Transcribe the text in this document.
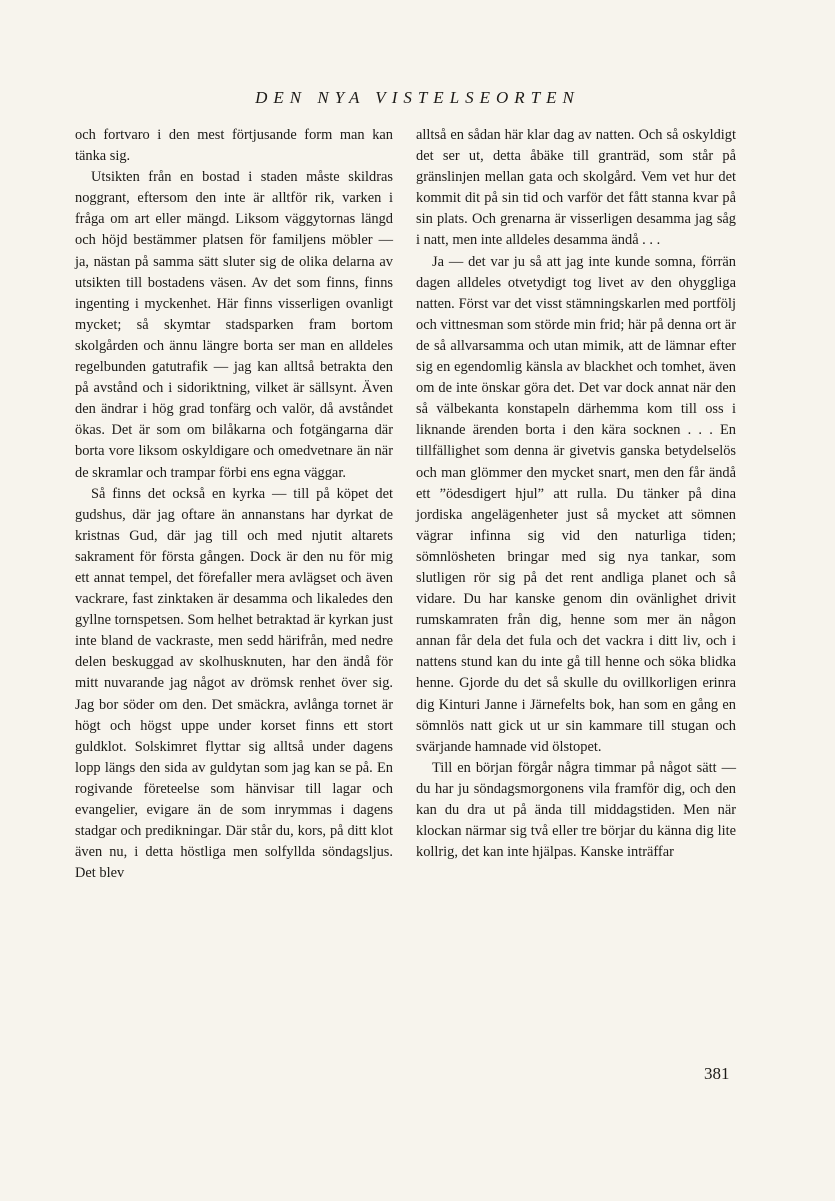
DEN NYA VISTELSEORTEN

och fortvaro i den mest förtjusande form man kan tänka sig.

Utsikten från en bostad i staden måste skildras noggrant, eftersom den inte är alltför rik, varken i fråga om art eller mängd. Liksom väggytornas längd och höjd bestämmer platsen för familjens möbler — ja, nästan på samma sätt sluter sig de olika delarna av utsikten till bostadens väsen. Av det som finns, finns ingenting i myckenhet. Här finns visserligen ovanligt mycket; så skymtar stadsparken fram bortom skolgården och ännu längre borta ser man en alldeles regelbunden gatutrafik — jag kan alltså betrakta den på avstånd och i sidoriktning, vilket är sällsynt. Även den ändrar i hög grad tonfärg och valör, då avståndet ökas. Det är som om bilåkarna och fotgängarna där borta vore liksom oskyldigare och omedvetnare än när de skramlar och trampar förbi ens egna väggar.

Så finns det också en kyrka — till på köpet det gudshus, där jag oftare än annanstans har dyrkat de kristnas Gud, där jag till och med njutit altarets sakrament för första gången. Dock är den nu för mig ett annat tempel, det förefaller mera avlägset och även vackrare, fast zinktaken är desamma och likaledes den gyllne tornspetsen. Som helhet betraktad är kyrkan just inte bland de vackraste, men sedd härifrån, med nedre delen beskuggad av skolhusknuten, har den ändå för mitt nuvarande jag något av drömsk renhet över sig. Jag bor söder om den. Det smäckra, avlånga tornet är högt och högst uppe under korset finns ett stort guldklot. Solskimret flyttar sig alltså under dagens lopp längs den sida av guldytan som jag kan se på. En rogivande företeelse som hänvisar till lagar och evangelier, evigare än de som inrymmas i dagens stadgar och predikningar. Där står du, kors, på ditt klot även nu, i detta höstliga men solfyllda söndagsljus. Det blev

alltså en sådan här klar dag av natten. Och så oskyldigt det ser ut, detta åbäke till granträd, som står på gränslinjen mellan gata och skolgård. Vem vet hur det kommit dit på sin tid och varför det fått stanna kvar på sin plats. Och grenarna är visserligen desamma jag såg i natt, men inte alldeles desamma ändå . . .

Ja — det var ju så att jag inte kunde somna, förrän dagen alldeles otvetydigt tog livet av den ohyggliga natten. Först var det visst stämningskarlen med portfölj och vittnesman som störde min frid; här på denna ort är de så allvarsamma och utan mimik, att de lämnar efter sig en egendomlig känsla av blackhet och tomhet, även om de inte önskar göra det. Det var dock annat när den så välbekanta konstapeln därhemma kom till oss i liknande ärenden borta i den kära socknen . . . En tillfällighet som denna är givetvis ganska betydelselös och man glömmer den mycket snart, men den får ändå ett ”ödesdigert hjul” att rulla. Du tänker på dina jordiska angelägenheter just så mycket att sömnen vägrar infinna sig vid den naturliga tiden; sömnlösheten bringar med sig nya tankar, som slutligen rör sig på det rent andliga planet och så vidare. Du har kanske genom din ovänlighet drivit rumskamraten från dig, henne som mer än någon annan får dela det fula och det vackra i ditt liv, och i nattens stund kan du inte gå till henne och söka blidka henne. Gjorde du det så skulle du ovillkorligen erinra dig Kinturi Janne i Järnefelts bok, han som en gång en sömnlös natt gick ut ur sin kammare till stugan och svärjande hamnade vid ölstopet.

Till en början förgår några timmar på något sätt — du har ju söndagsmorgonens vila framför dig, och den kan du dra ut på ända till middagstiden. Men när klockan närmar sig två eller tre börjar du känna dig lite kollrig, det kan inte hjälpas. Kanske inträffar

381
